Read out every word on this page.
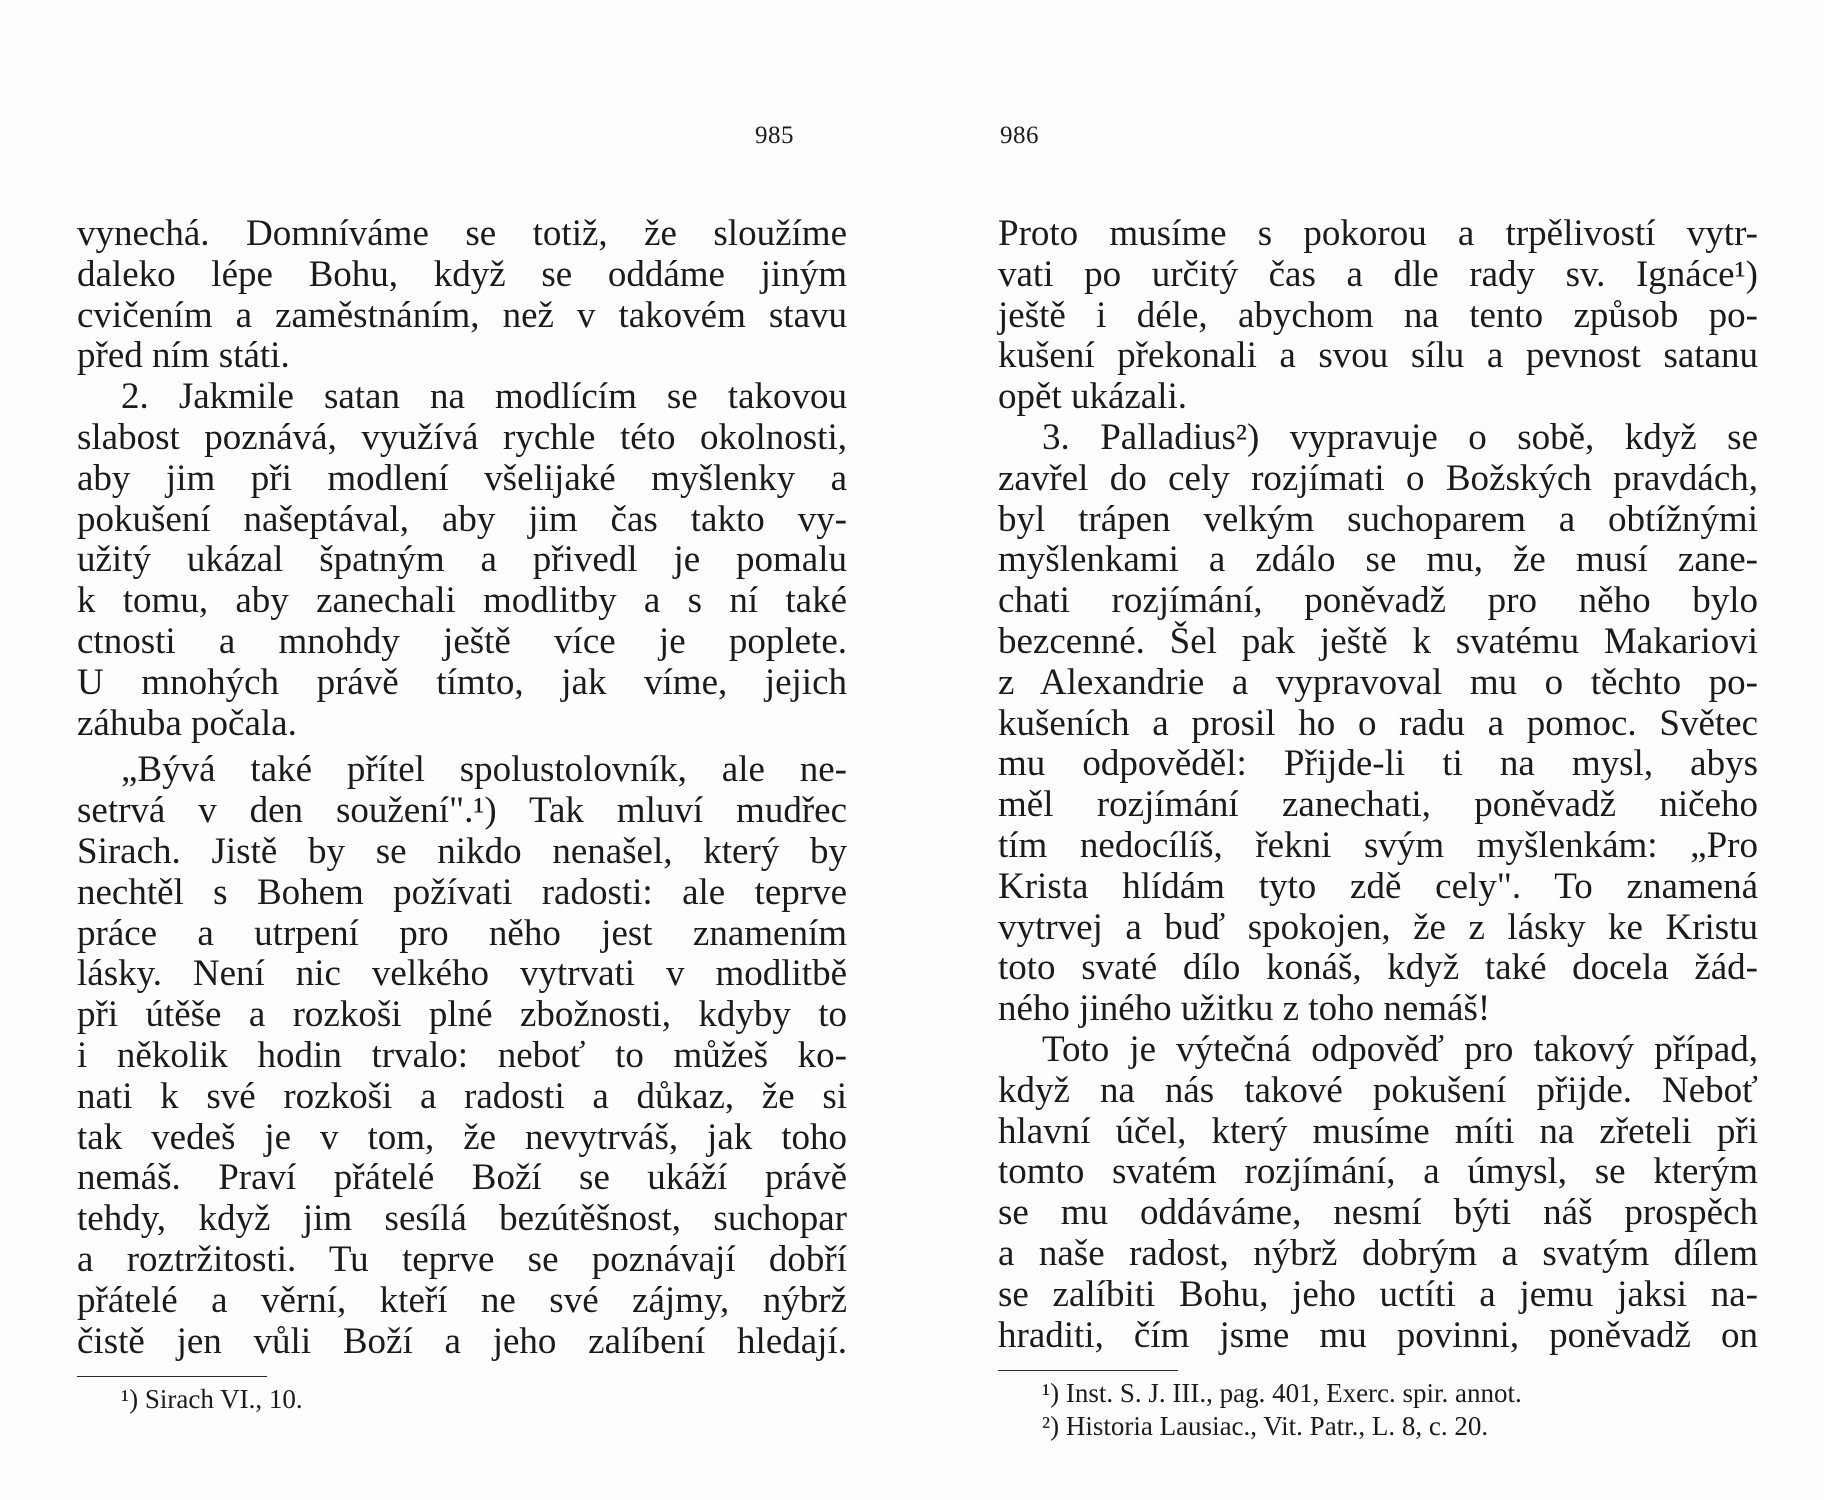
985	986
vynechá. Domníváme se totiž, že sloužíme
daleko lépe Bohu, když se oddáme jiným
cvičením a zaměstnáním, než v takovém stavu
před ním státi.
2. Jakmile satan na modlícím se takovou
slabost poznává, využívá rychle této okolnosti,
aby jim při modlení všelijaké myšlenky a
pokušení našeptával, aby jim čas takto vy-
užitý ukázal špatným a přivedl je pomalu
k tomu, aby zanechali modlitby a s ní také
ctnosti a mnohdy ještě více je poplete.
U mnohých právě tímto, jak víme, jejich
záhuba počala.
„Bývá také přítel spolustolovník, ale ne-
setrvá v den soužení".¹) Tak mluví mudřec
Sirach. Jistě by se nikdo nenašel, který by
nechtěl s Bohem požívati radosti: ale teprve
práce a utrpení pro něho jest znamením
lásky. Není nic velkého vytrvati v modlitbě
při útěše a rozkoši plné zbožnosti, kdyby to
i několik hodin trvalo: neboť to můžeš ko-
nati k své rozkoši a radosti a důkaz, že si
tak vedeš je v tom, že nevytrváš, jak toho
nemáš. Praví přátelé Boží se ukáží právě
tehdy, když jim sesílá bezútěšnost, suchopar
a roztržitosti. Tu teprve se poznávají dobří
přátelé a věrní, kteří ne své zájmy, nýbrž
čistě jen vůli Boží a jeho zalíbení hledají.
¹) Sirach VI., 10.
Proto musíme s pokorou a trpělivostí vytr-
vati po určitý čas a dle rady sv. Ignáce¹)
ještě i déle, abychom na tento způsob po-
kušení překonali a svou sílu a pevnost satanu
opět ukázali.
3. Palladius²) vypravuje o sobě, když se
zavřel do cely rozjímati o Božských pravdách,
byl trápen velkým suchoparem a obtížnými
myšlenkami a zdálo se mu, že musí zane-
chati rozjímání, poněvadž pro něho bylo
bezcenné. Šel pak ještě k svatému Makariovi
z Alexandrie a vypravoval mu o těchto po-
kušeních a prosil ho o radu a pomoc. Světec
mu odpověděl: Přijde-li ti na mysl, abys
měl rozjímání zanechati, poněvadž ničeho
tím nedocílíš, řekni svým myšlenkám: „Pro
Krista hlídám tyto zdě cely". To znamená
vytrvej a buď spokojen, že z lásky ke Kristu
toto svaté dílo konáš, když také docela žád-
ného jiného užitku z toho nemáš!
Toto je výtečná odpověď pro takový případ,
když na nás takové pokušení přijde. Neboť
hlavní účel, který musíme míti na zřeteli při
tomto svatém rozjímání, a úmysl, se kterým
se mu oddáváme, nesmí býti náš prospěch
a naše radost, nýbrž dobrým a svatým dílem
se zalíbiti Bohu, jeho uctíti a jemu jaksi na-
hraditi, čím jsme mu povinni, poněvadž on
¹) Inst. S. J. III., pag. 401, Exerc. spir. annot.
²) Historia Lausiac., Vit. Patr., L. 8, c. 20.
